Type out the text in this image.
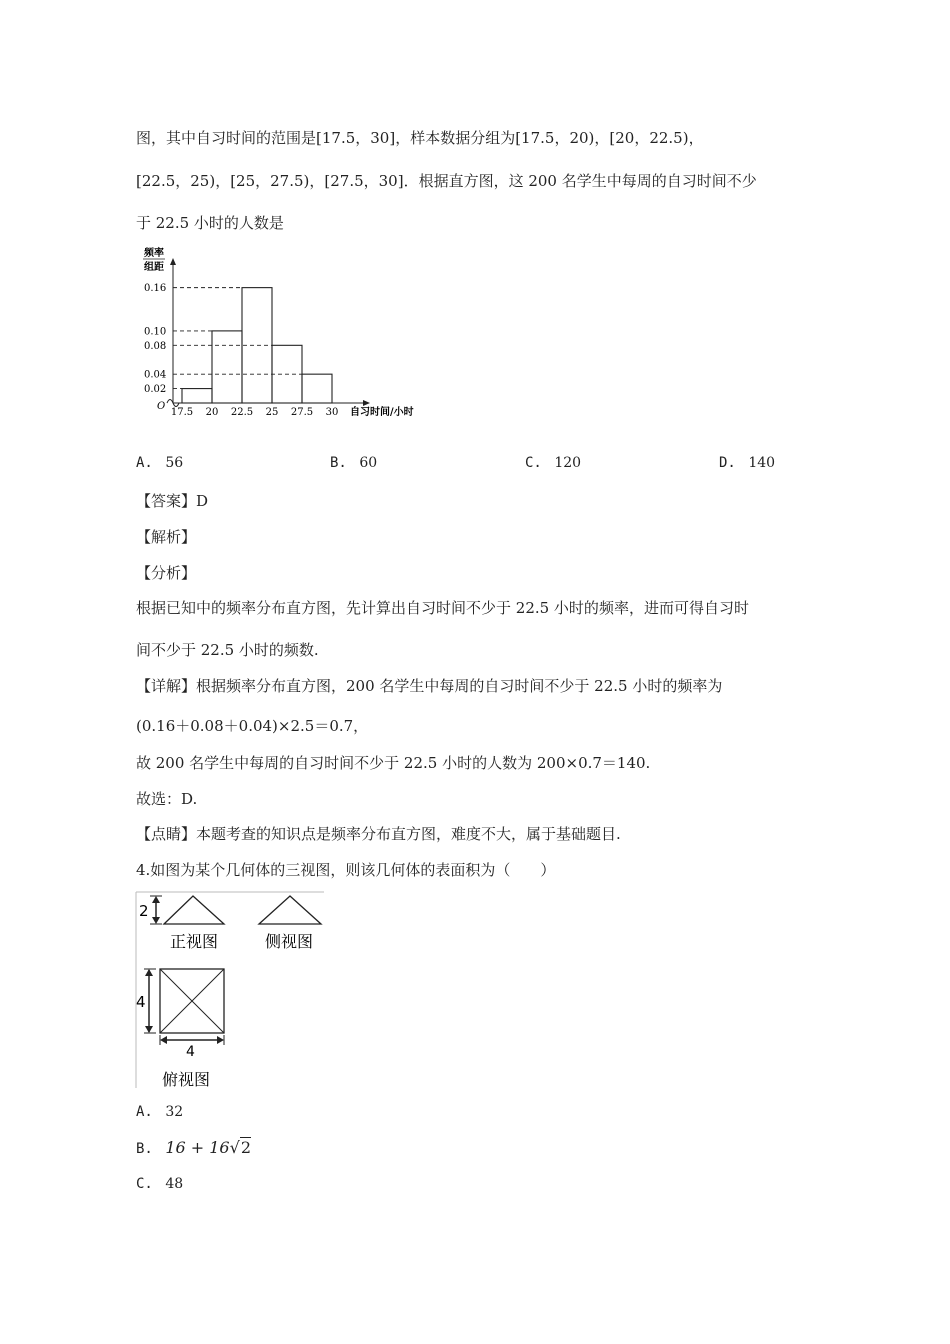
图，其中自习时间的范围是[17.5，30]，样本数据分组为[17.5，20)，[20，22.5)，
[22.5，25)，[25，27.5)，[27.5，30]．根据直方图，这 200 名学生中每周的自习时间不少
于 22.5 小时的人数是
频率
组距
O
自习时间/小时
0.02
0.04
0.08
0.10
0.16
17.5 20 22.5 25 27.5 30
A. 56	B. 60	C. 120	D. 140
【答案】D
【解析】
【分析】
根据已知中的频率分布直方图，先计算出自习时间不少于 22.5 小时的频率，进而可得自习时
间不少于 22.5 小时的频数.
【详解】根据频率分布直方图，200 名学生中每周的自习时间不少于 22.5 小时的频率为
(0.16＋0.08＋0.04)×2.5＝0.7，
故 200 名学生中每周的自习时间不少于 22.5 小时的人数为 200×0.7＝140.
故选：D.
【点睛】本题考查的知识点是频率分布直方图，难度不大，属于基础题目.
4.如图为某个几何体的三视图，则该几何体的表面积为（　　）
2
正视图	侧视图
4
4
俯视图
A. 32
B. 16 + 16√2
C. 48
